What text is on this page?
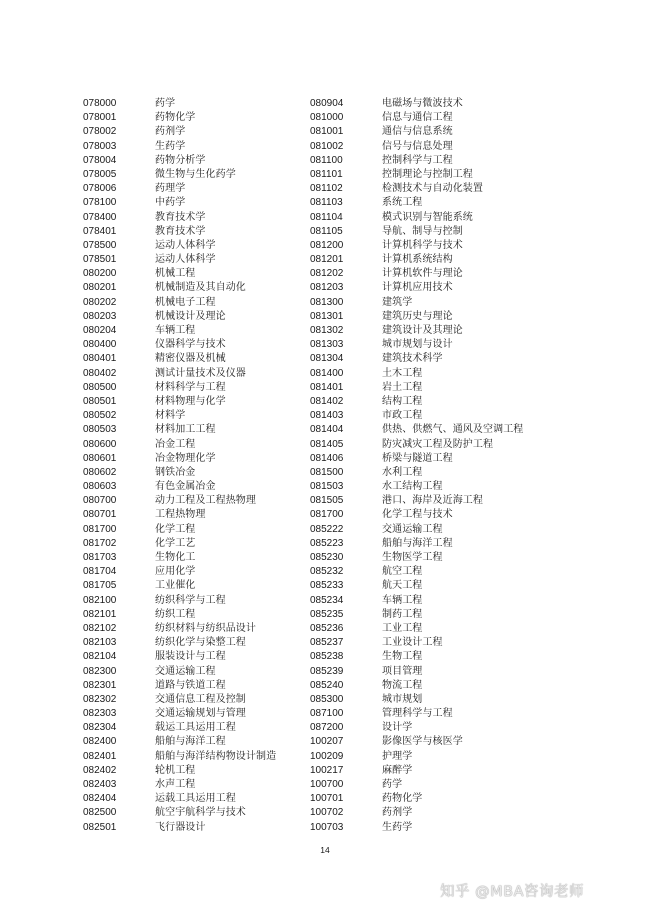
078000	药学
078001	药物化学
078002	药剂学
078003	生药学
078004	药物分析学
078005	微生物与生化药学
078006	药理学
078100	中药学
078400	教育技术学
078401	教育技术学
078500	运动人体科学
078501	运动人体科学
080200	机械工程
080201	机械制造及其自动化
080202	机械电子工程
080203	机械设计及理论
080204	车辆工程
080400	仪器科学与技术
080401	精密仪器及机械
080402	测试计量技术及仪器
080500	材料科学与工程
080501	材料物理与化学
080502	材料学
080503	材料加工工程
080600	冶金工程
080601	冶金物理化学
080602	钢铁冶金
080603	有色金属冶金
080700	动力工程及工程热物理
080701	工程热物理
081700	化学工程
081702	化学工艺
081703	生物化工
081704	应用化学
081705	工业催化
082100	纺织科学与工程
082101	纺织工程
082102	纺织材料与纺织品设计
082103	纺织化学与染整工程
082104	服装设计与工程
082300	交通运输工程
082301	道路与铁道工程
082302	交通信息工程及控制
082303	交通运输规划与管理
082304	载运工具运用工程
082400	船舶与海洋工程
082401	船舶与海洋结构物设计制造
082402	轮机工程
082403	水声工程
082404	运载工具运用工程
082500	航空宇航科学与技术
082501	飞行器设计
080904	电磁场与微波技术
081000	信息与通信工程
081001	通信与信息系统
081002	信号与信息处理
081100	控制科学与工程
081101	控制理论与控制工程
081102	检测技术与自动化装置
081103	系统工程
081104	模式识别与智能系统
081105	导航、制导与控制
081200	计算机科学与技术
081201	计算机系统结构
081202	计算机软件与理论
081203	计算机应用技术
081300	建筑学
081301	建筑历史与理论
081302	建筑设计及其理论
081303	城市规划与设计
081304	建筑技术科学
081400	土木工程
081401	岩土工程
081402	结构工程
081403	市政工程
081404	供热、供燃气、通风及空调工程
081405	防灾减灾工程及防护工程
081406	桥梁与隧道工程
081500	水利工程
081503	水工结构工程
081505	港口、海岸及近海工程
081700	化学工程与技术
085222	交通运输工程
085223	船舶与海洋工程
085230	生物医学工程
085232	航空工程
085233	航天工程
085234	车辆工程
085235	制药工程
085236	工业工程
085237	工业设计工程
085238	生物工程
085239	项目管理
085240	物流工程
085300	城市规划
087100	管理科学与工程
087200	设计学
100207	影像医学与核医学
100209	护理学
100217	麻醉学
100700	药学
100701	药物化学
100702	药剂学
100703	生药学
14
知乎 @MBA咨询老师
